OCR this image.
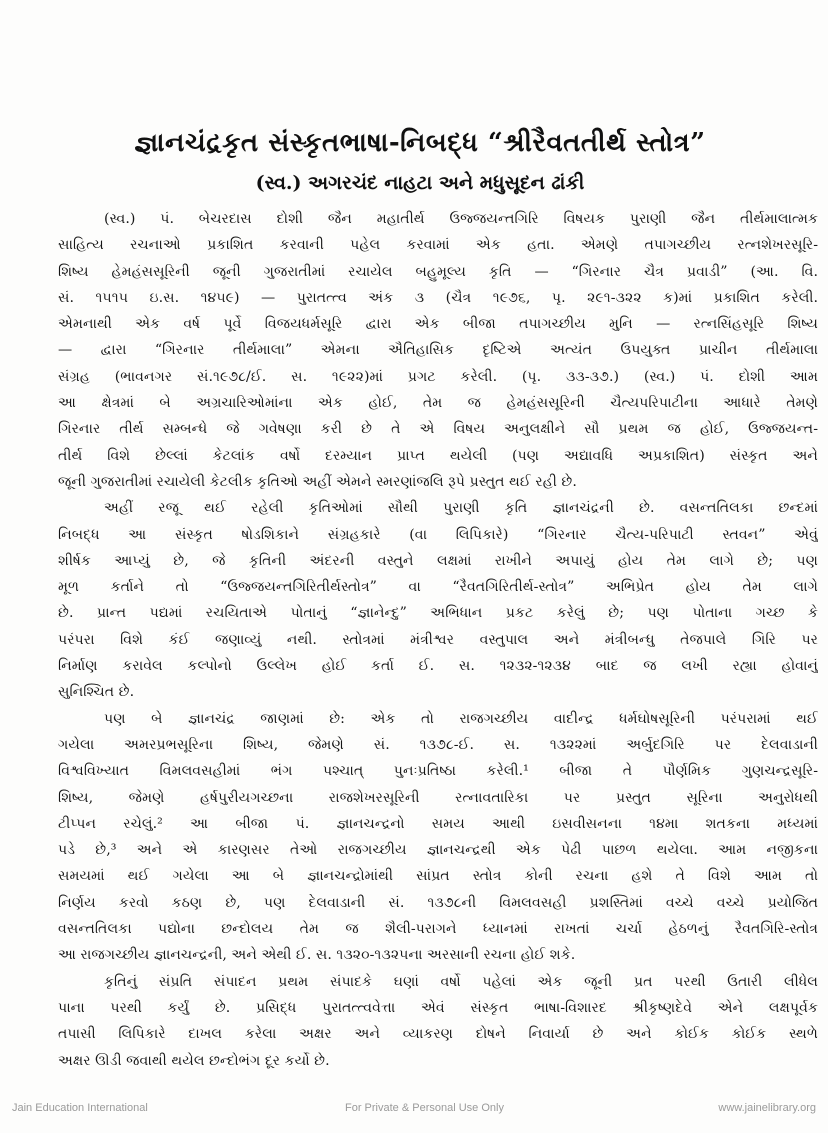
જ્ઞાનચંદ્રકૃત સંસ્કૃતભાષા-નિબદ્ધ “શ્રીરૈવતતીર્થ સ્તોત્ર”
(સ્વ.) અગરચંદ નાહટા અને મધુસૂદન ઢાંકી
(સ્વ.) પં. બેચરદાસ દોશી જૈન મહાતીર્થ ઉજ્જયન્તગિરિ વિષયક પુરાણી જૈન તીર્થમાલાત્મક
સાહિત્ય રચનાઓ પ્રકાશિત કરવાની પહેલ કરવામાં એક હતા. એમણે તપાગચ્છીય રત્નશેખરસૂરિ-
શિષ્ય હેમહંસસૂરિની જૂની ગુજરાતીમાં રચાયેલ બહુમૂલ્ય કૃતિ — “ગિરનાર ચૈત્ર પ્રવાડી” (આ. વિ.
સં. ૧૫૧૫ ઇ.સ. ૧૪૫૯) — પુરાતત્ત્વ અંક ૩ (ચૈત્ર ૧૯૭૬, પૃ. ૨૯૧-૩૨૨ ક)માં પ્રકાશિત કરેલી.
એમનાથી એક વર્ષ પૂર્વે વિજયધર્મસૂરિ દ્વારા એક બીજા તપાગચ્છીય મુનિ — રત્નસિંહસૂરિ શિષ્ય
— દ્વારા “ગિરનાર તીર્થમાલા” એમના ઐતિહાસિક દૃષ્ટિએ અત્યંત ઉપયુક્ત પ્રાચીન તીર્થમાલા
સંગ્રહ (ભાવનગર સં.૧૯૭૮/ઈ. સ. ૧૯૨૨)માં પ્રગટ કરેલી. (પૃ. ૩૩-૩૭.) (સ્વ.) પં. દોશી આમ
આ ક્ષેત્રમાં બે અગ્રચારિઓમાંના એક હોઈ, તેમ જ હેમહંસસૂરિની ચૈત્યપરિપાટીના આધારે તેમણે
ગિરનાર તીર્થ સમ્બન્ધે જે ગવેષણા કરી છે તે એ વિષય અનુલક્ષીને સૌ પ્રથમ જ હોઈ, ઉજ્જયન્ત-
તીર્થ વિશે છેલ્લાં કેટલાંક વર્ષો દરમ્યાન પ્રાપ્ત થયેલી (પણ અદ્યાવધિ અપ્રકાશિત) સંસ્કૃત અને
જૂની ગુજરાતીમાં રચાયેલી કેટલીક કૃતિઓ અહીં એમને સ્મરણાંજલિ રૂપે પ્રસ્તુત થઈ રહી છે.
અહીં રજૂ થઈ રહેલી કૃતિઓમાં સૌથી પુરાણી કૃતિ જ્ઞાનચંદ્રની છે. વસન્તતિલકા છન્દમાં
નિબદ્ધ આ સંસ્કૃત ષોડશિકાને સંગ્રહકારે (વા લિપિકારે) “ગિરનાર ચૈત્ય-પરિપાટી સ્તવન” એવું
શીર્ષક આપ્યું છે, જે કૃતિની અંદરની વસ્તુને લક્ષમાં રાખીને અપાયું હોય તેમ લાગે છે; પણ
મૂળ કર્તાને તો “ઉજ્જયન્તગિરિતીર્થસ્તોત્ર” વા “રૈવતગિરિતીર્થ-સ્તોત્ર” અભિપ્રેત હોય તેમ લાગે
છે. પ્રાન્ત પદ્યમાં રચયિતાએ પોતાનું “જ્ઞાનેન્દુ” અભિધાન પ્રકટ કરેલું છે; પણ પોતાના ગચ્છ કે
પરંપરા વિશે કંઈ જણાવ્યું નથી. સ્તોત્રમાં મંત્રીશ્વર વસ્તુપાલ અને મંત્રીબન્ધુ તેજપાલે ગિરિ પર
નિર્માણ કરાવેલ કલ્પોનો ઉલ્લેખ હોઈ કર્તા ઈ. સ. ૧૨૩૨-૧૨૩૪ બાદ જ લખી રહ્યા હોવાનું
સુનિશ્ચિત છે.
પણ બે જ્ઞાનચંદ્ર જાણમાં છે: એક તો રાજગચ્છીય વાદીન્દ્ર ધર્મઘોષસૂરિની પરંપરામાં થઈ
ગયેલા અમરપ્રભસૂરિના શિષ્ય, જેમણે સં. ૧૩૭૮-ઈ. સ. ૧૩૨૨માં અર્બુદગિરિ પર દેલવાડાની
વિશ્વવિખ્યાત વિમલવસહીમાં ભંગ પશ્ચાત્ પુનઃપ્રતિષ્ઠા કરેલી.¹ બીજા તે પૌર્ણમિક ગુણચન્દ્રસૂરિ-
શિષ્ય, જેમણે હર્ષપુરીયગચ્છના રાજશેખરસૂરિની રત્નાવતારિકા પર પ્રસ્તુત સૂરિના અનુરોધથી
ટીપ્પન રચેલું.² આ બીજા પં. જ્ઞાનચન્દ્રનો સમય આથી ઇસવીસનના ૧૪મા શતકના મધ્યમાં
પડે છે,³ અને એ કારણસર તેઓ રાજગચ્છીય જ્ઞાનચન્દ્રથી એક પેઢી પાછળ થયેલા. આમ નજીકના
સમયમાં થઈ ગયેલા આ બે જ્ઞાનચન્દ્રોમાંથી સાંપ્રત સ્તોત્ર કોની રચના હશે તે વિશે આમ તો
નિર્ણય કરવો કઠણ છે, પણ દેલવાડાની સં. ૧૩૭૮ની વિમલવસહી પ્રશસ્તિમાં વચ્ચે વચ્ચે પ્રયોજિત
વસન્તતિલકા પદ્યોના છન્દોલય તેમ જ શૈલી-પરાગને ધ્યાનમાં રાખતાં ચર્ચા હેઠળનું રૈવતગિરિ-સ્તોત્ર
આ રાજગચ્છીય જ્ઞાનચન્દ્રની, અને એથી ઈ. સ. ૧૩૨૦-૧૩૨૫ના અરસાની રચના હોઈ શકે.
કૃતિનું સંપ્રતિ સંપાદન પ્રથમ સંપાદકે ઘણાં વર્ષો પહેલાં એક જૂની પ્રત પરથી ઉતારી લીધેલ
પાના પરથી કર્યું છે. પ્રસિદ્ધ પુરાતત્ત્વવેત્તા એવં સંસ્કૃત ભાષા-વિશારદ શ્રીકૃષ્ણદેવે એને લક્ષપૂર્વક
તપાસી લિપિકારે દાખલ કરેલા અક્ષર અને વ્યાકરણ દોષને નિવાર્યા છે અને કોઈક કોઈક સ્થળે
અક્ષર ઊડી જવાથી થયેલ છન્દોભંગ દૂર કર્યો છે.
Jain Education International	For Private & Personal Use Only	www.jainelibrary.org
